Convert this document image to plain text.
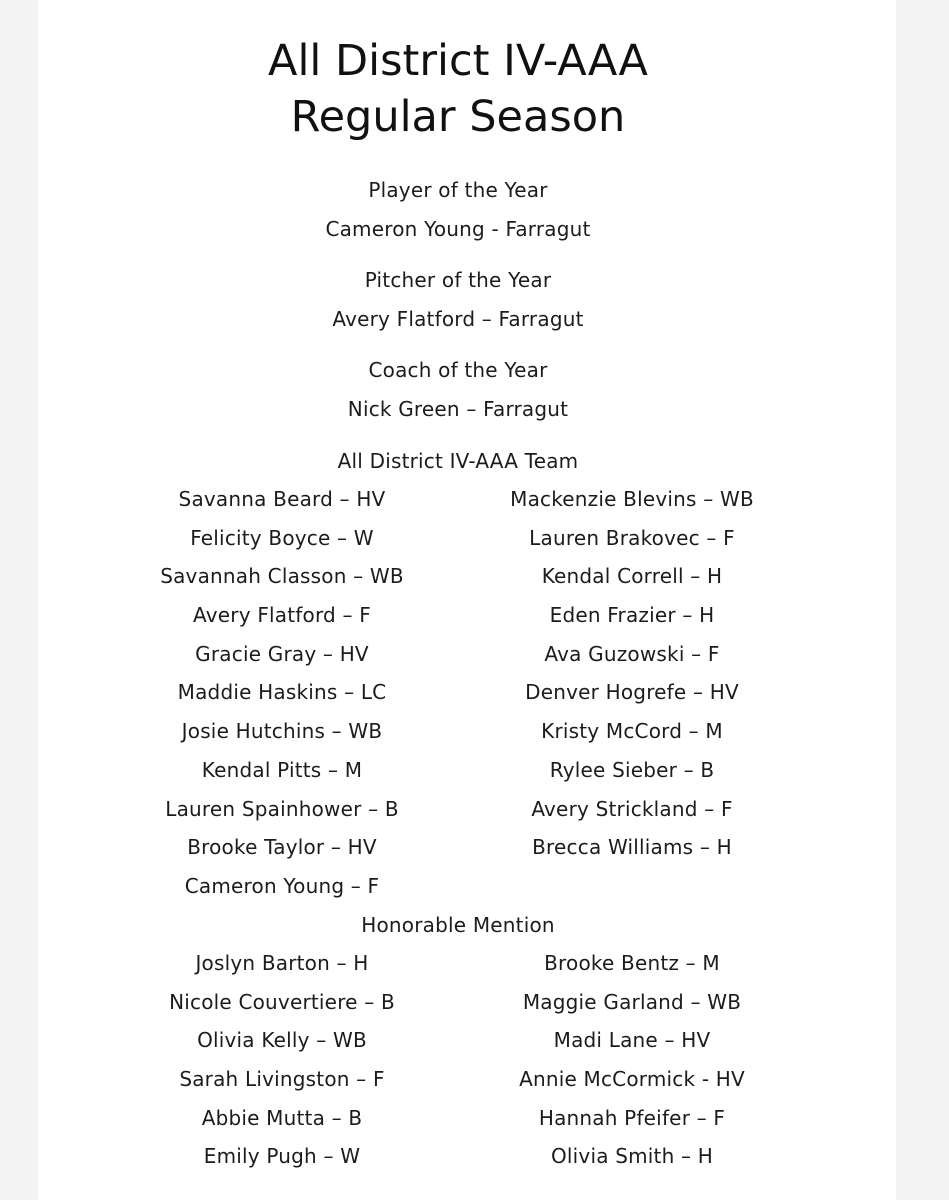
All District IV-AAA
Regular Season
Player of the Year
Cameron Young - Farragut
Pitcher of the Year
Avery Flatford – Farragut
Coach of the Year
Nick Green – Farragut
All District IV-AAA Team
Savanna Beard – HV
Felicity Boyce – W
Savannah Classon – WB
Avery Flatford – F
Gracie Gray – HV
Maddie Haskins – LC
Josie Hutchins – WB
Kendal Pitts – M
Lauren Spainhower – B
Brooke Taylor – HV
Cameron Young – F
Mackenzie Blevins – WB
Lauren Brakovec – F
Kendal Correll – H
Eden Frazier – H
Ava Guzowski – F
Denver Hogrefe – HV
Kristy McCord – M
Rylee Sieber – B
Avery Strickland – F
Brecca Williams – H
Honorable Mention
Joslyn Barton – H
Nicole Couvertiere – B
Olivia Kelly – WB
Sarah Livingston – F
Abbie Mutta – B
Emily Pugh – W
Brooke Bentz – M
Maggie Garland – WB
Madi Lane – HV
Annie McCormick - HV
Hannah Pfeifer – F
Olivia Smith – H
